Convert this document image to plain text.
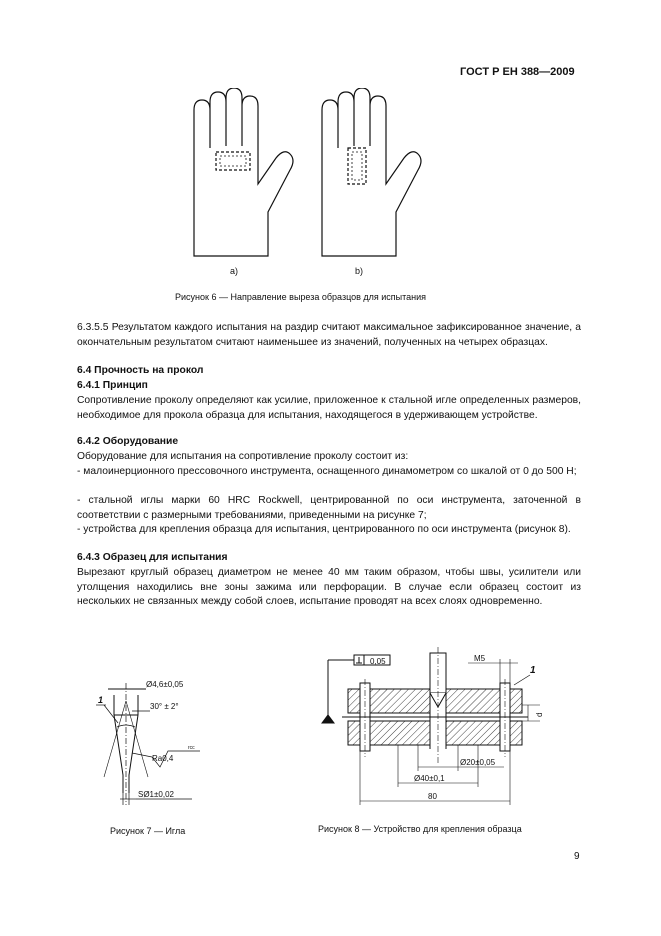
ГОСТ Р ЕН 388—2009
a)	b)
Рисунок 6 — Направление выреза образцов для испытания
6.3.5.5 Результатом каждого испытания на раздир считают максимальное зафиксированное значение, а окончательным результатом считают наименьшее из значений, полученных на четырех образцах.
6.4 Прочность на прокол
6.4.1 Принцип
Сопротивление проколу определяют как усилие, приложенное к стальной игле определенных размеров, необходимое для прокола образца для испытания, находящегося в удерживающем устройстве.
6.4.2 Оборудование
Оборудование для испытания на сопротивление проколу состоит из:
- малоинерционного прессовочного инструмента, оснащенного динамометром со шкалой от 0 до 500 Н;
- стальной иглы марки 60 HRC Rockwell, центрированной по оси инструмента, заточенной в соответствии с размерными требованиями, приведенными на рисунке 7;
- устройства для крепления образца для испытания, центрированного по оси инструмента (рисунок 8).
6.4.3 Образец для испытания
Вырезают круглый образец диаметром не менее 40 мм таким образом, чтобы швы, усилители или утолщения находились вне зоны зажима или перфорации. В случае если образец состоит из нескольких не связанных между собой слоев, испытание проводят на всех слоях одновременно.
Ø4,6±0,05
30° ± 2°
1
Ra0,4
rcc
SØ1±0,02
Рисунок 7 — Игла
0,05	M5
1
d
Ø20±0,05
Ø40±0,1
80
Рисунок 8 — Устройство для крепления образца
9
